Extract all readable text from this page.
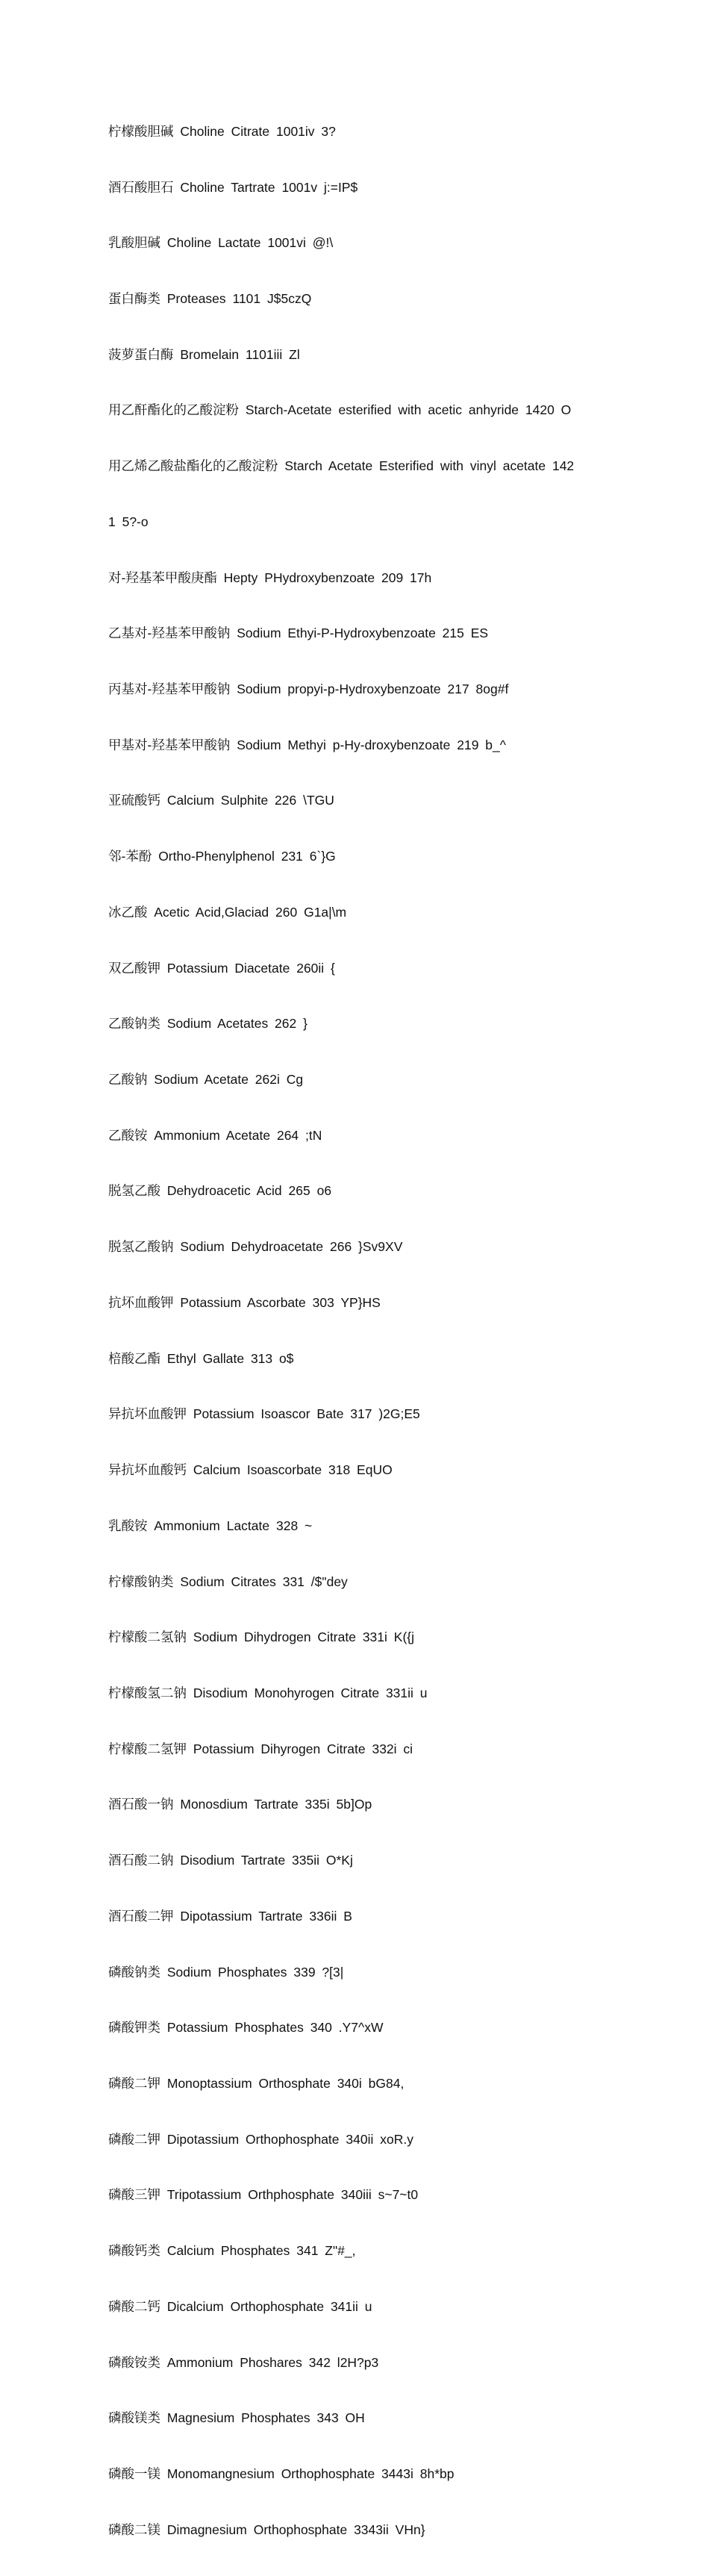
柠檬酸胆碱 Choline Citrate 1001iv 3?

酒石酸胆石 Choline Tartrate 1001v j:=IP$

乳酸胆碱 Choline Lactate 1001vi @!\

蛋白酶类 Proteases 1101 J$5czQ

菠萝蛋白酶 Bromelain 1101iii Zl

用乙酐酯化的乙酸淀粉 Starch-Acetate esterified with acetic anhyride 1420 O

用乙烯乙酸盐酯化的乙酸淀粉 Starch Acetate Esterified with vinyl acetate 142

1 5?-o

对-羟基苯甲酸庚酯 Hepty PHydroxybenzoate 209 17h

乙基对-羟基苯甲酸钠 Sodium Ethyi-P-Hydroxybenzoate 215 ES

丙基对-羟基苯甲酸钠 Sodium propyi-p-Hydroxybenzoate 217 8og#f

甲基对-羟基苯甲酸钠 Sodium Methyi p-Hy-droxybenzoate 219 b_^

亚硫酸钙 Calcium Sulphite 226 \TGU

邻-苯酚 Ortho-Phenylphenol 231 6`}G

冰乙酸 Acetic Acid,Glaciad 260 G1a|\m

双乙酸钾 Potassium Diacetate 260ii {

乙酸钠类 Sodium Acetates 262 }

乙酸钠 Sodium Acetate 262i Cg

乙酸铵 Ammonium Acetate 264 ;tN

脱氢乙酸 Dehydroacetic Acid 265 o6

脱氢乙酸钠 Sodium Dehydroacetate 266 }Sv9XV

抗坏血酸钾 Potassium Ascorbate 303 YP}HS

棓酸乙酯 Ethyl Gallate 313 o$

异抗坏血酸钾 Potassium Isoascor Bate 317 )2G;E5

异抗坏血酸钙 Calcium Isoascorbate 318 EqUO

乳酸铵 Ammonium Lactate 328 ~

柠檬酸钠类 Sodium Citrates 331 /$"dey

柠檬酸二氢钠 Sodium Dihydrogen Citrate 331i K({j

柠檬酸氢二钠 Disodium Monohyrogen Citrate 331ii u

柠檬酸二氢钾 Potassium Dihyrogen Citrate 332i ci

酒石酸一钠 Monosdium Tartrate 335i 5b]Op

酒石酸二钠 Disodium Tartrate 335ii O*Kj

酒石酸二钾 Dipotassium Tartrate 336ii B

磷酸钠类 Sodium Phosphates 339 ?[3|

磷酸钾类 Potassium Phosphates 340 .Y7^xW

磷酸二钾 Monoptassium Orthosphate 340i bG84,

磷酸二钾 Dipotassium Orthophosphate 340ii xoR.y

磷酸三钾 Tripotassium Orthphosphate 340iii s~7~t0

磷酸钙类 Calcium Phosphates 341 Z"#_,

磷酸二钙 Dicalcium Orthophosphate 341ii u

磷酸铵类 Ammonium Phoshares 342 l2H?p3

磷酸镁类 Magnesium Phosphates 343 OH

磷酸一镁 Monomangnesium Orthophosphate 3443i 8h*bp

磷酸二镁 Dimagnesium Orthophosphate 3343ii VHn}
